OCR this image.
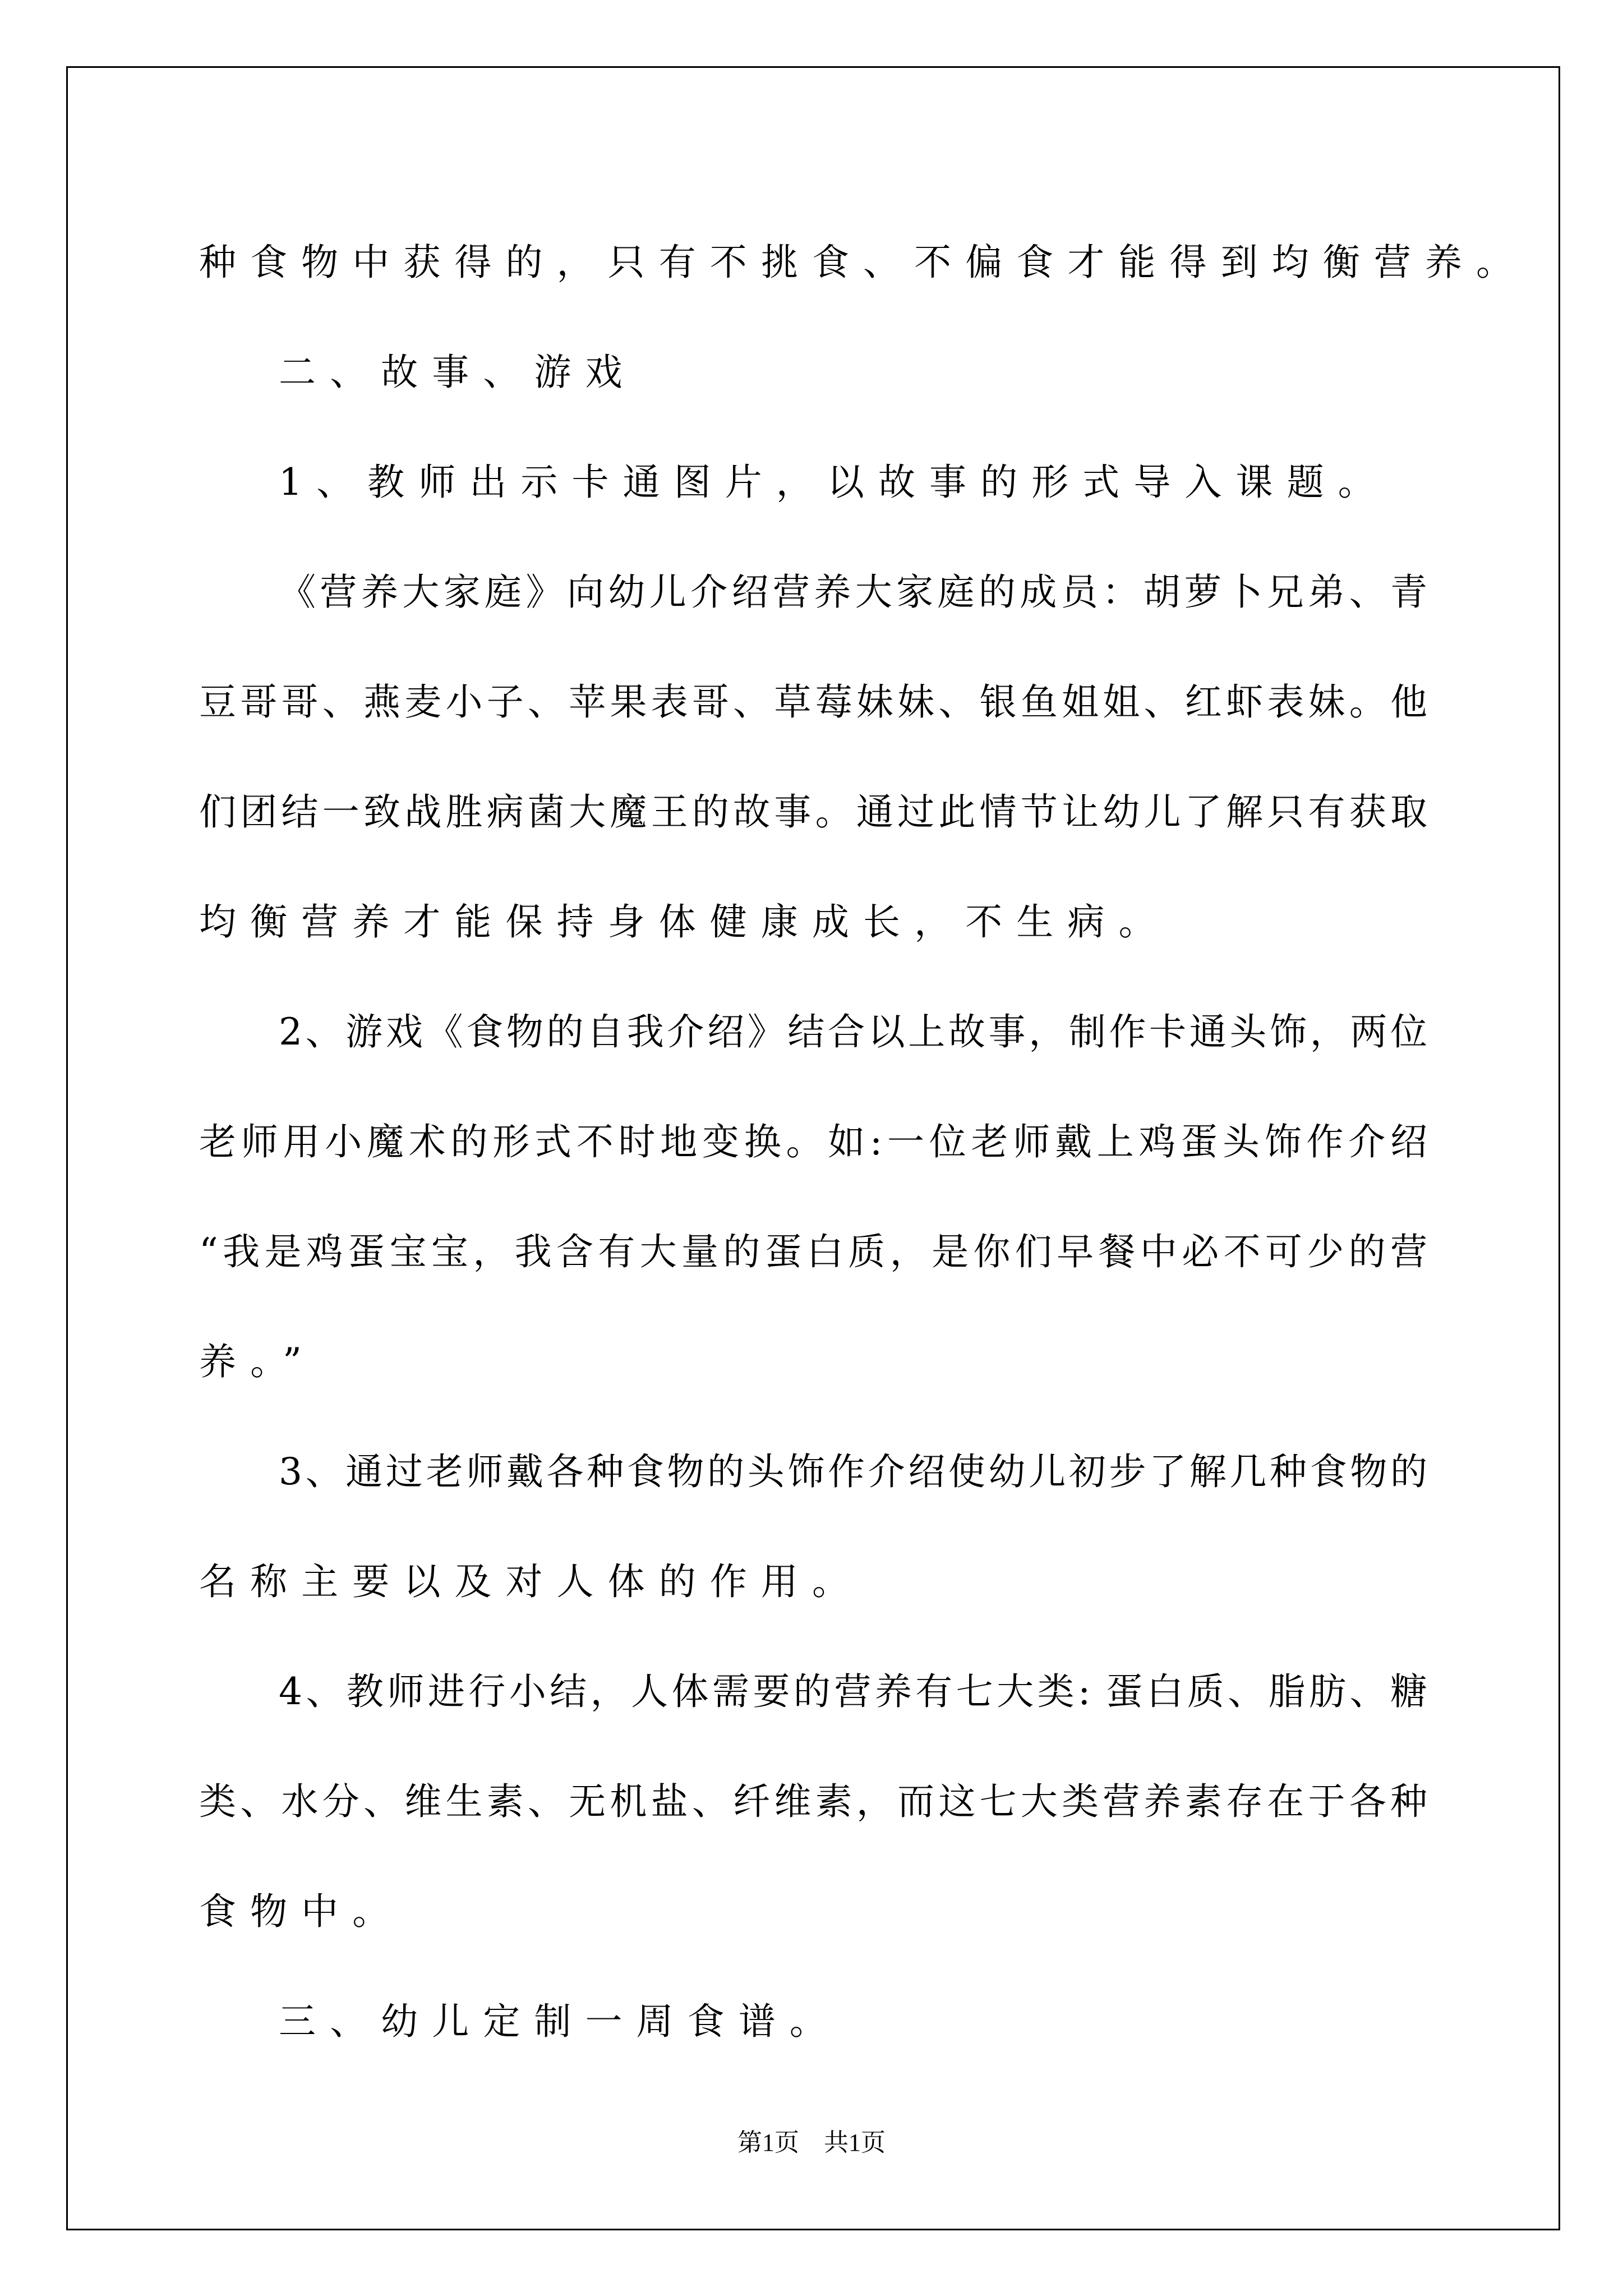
种食物中获得的，只有不挑食、不偏食才能得到均衡营养。
二、故事、游戏
1、教师出示卡通图片，以故事的形式导入课题。
《营养大家庭》向幼儿介绍营养大家庭的成员：胡萝卜兄弟、青
豆哥哥、燕麦小子、苹果表哥、草莓妹妹、银鱼姐姐、红虾表妹。他
们团结一致战胜病菌大魔王的故事。通过此情节让幼儿了解只有获取
均衡营养才能保持身体健康成长，不生病。
2、游戏《食物的自我介绍》结合以上故事，制作卡通头饰，两位
老师用小魔术的形式不时地变换。如:一位老师戴上鸡蛋头饰作介绍
“我是鸡蛋宝宝，我含有大量的蛋白质，是你们早餐中必不可少的营
养。”
3、通过老师戴各种食物的头饰作介绍使幼儿初步了解几种食物的
名称主要以及对人体的作用。
4、教师进行小结，人体需要的营养有七大类: 蛋白质、脂肪、糖
类、水分、维生素、无机盐、纤维素，而这七大类营养素存在于各种
食物中。
三、幼儿定制一周食谱。
第1页　共1页
